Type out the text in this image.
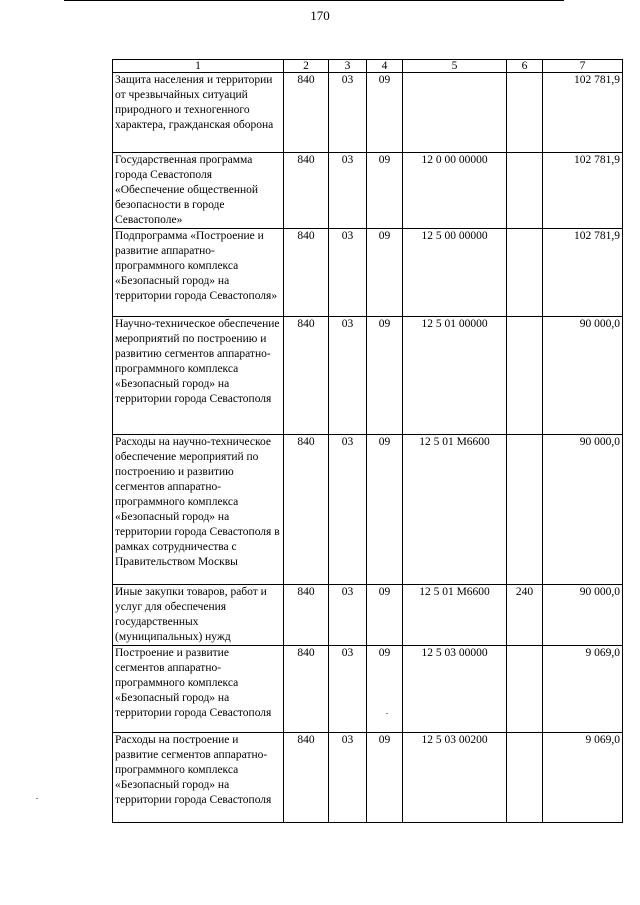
170
1	2	3	4	5	6	7
Защита населения и территории от чрезвычайных ситуаций природного и техногенного характера, гражданская оборона	840	03	09			102 781,9
Государственная программа города Севастополя «Обеспечение общественной безопасности в городе Севастополе»	840	03	09	12 0 00 00000		102 781,9
Подпрограмма «Построение и развитие аппаратно-программного комплекса «Безопасный город» на территории города Севастополя»	840	03	09	12 5 00 00000		102 781,9
Научно-техническое обеспечение мероприятий по построению и развитию сегментов аппаратно-программного комплекса «Безопасный город» на территории города Севастополя	840	03	09	12 5 01 00000		90 000,0
Расходы на научно-техническое обеспечение мероприятий по построению и развитию сегментов аппаратно-программного комплекса «Безопасный город» на территории города Севастополя в рамках сотрудничества с Правительством Москвы	840	03	09	12 5 01 М6600		90 000,0
Иные закупки товаров, работ и услуг для обеспечения государственных (муниципальных) нужд	840	03	09	12 5 01 М6600	240	90 000,0
Построение и развитие сегментов аппаратно-программного комплекса «Безопасный город» на территории города Севастополя	840	03	09	12 5 03 00000		9 069,0
Расходы на построение и развитие сегментов аппаратно-программного комплекса «Безопасный город» на территории города Севастополя	840	03	09	12 5 03 00200		9 069,0
